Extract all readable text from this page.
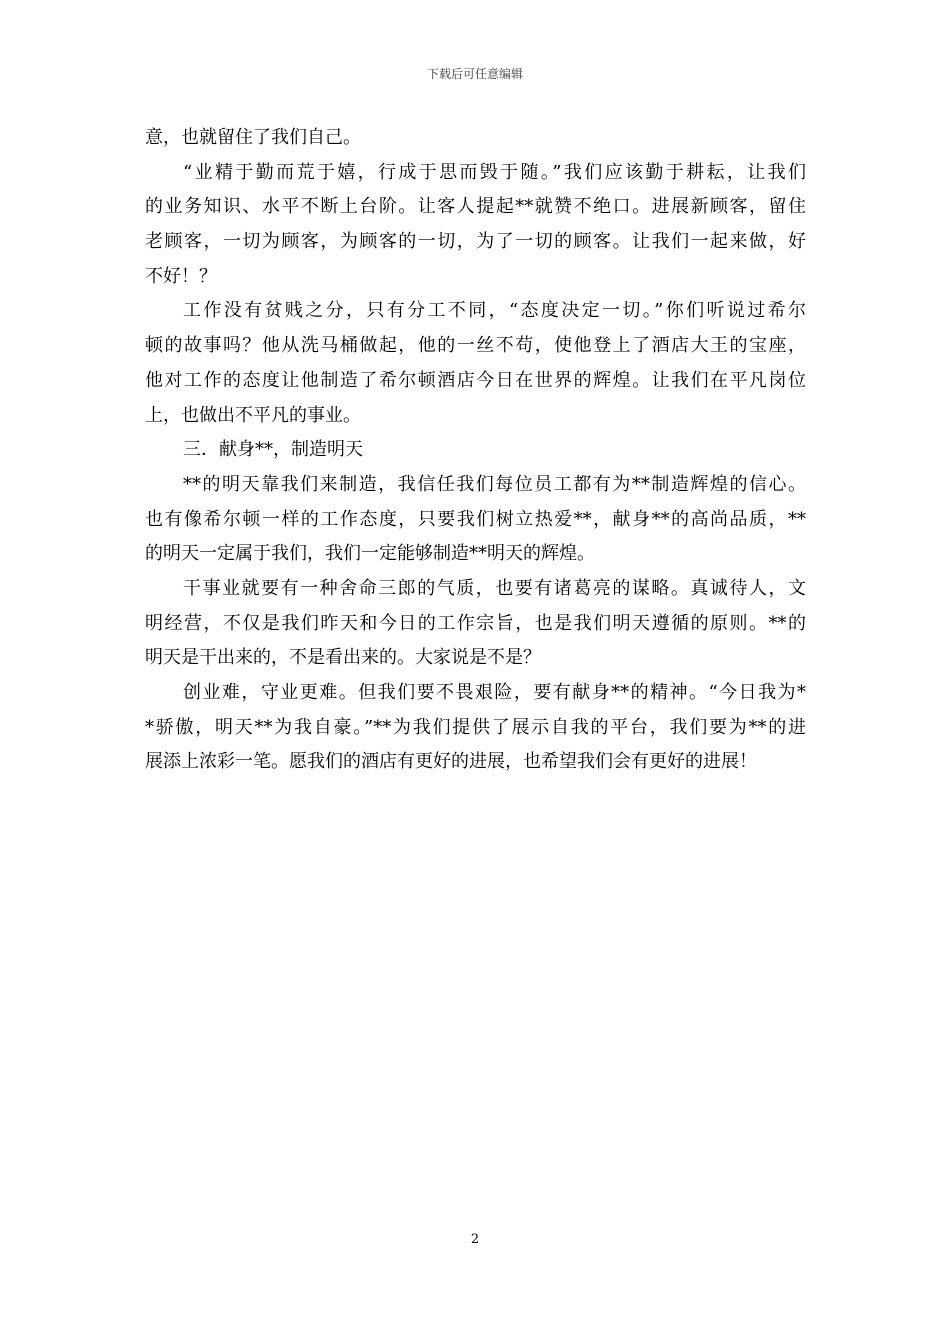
下载后可任意编辑
意，也就留住了我们自己。
“业精于勤而荒于嬉，行成于思而毁于随。”我们应该勤于耕耘，让我们
的业务知识、水平不断上台阶。让客人提起**就赞不绝口。进展新顾客，留住
老顾客，一切为顾客，为顾客的一切，为了一切的顾客。让我们一起来做，好
不好！？
工作没有贫贱之分，只有分工不同，“态度决定一切。”你们听说过希尔
顿的故事吗？他从洗马桶做起，他的一丝不苟，使他登上了酒店大王的宝座，
他对工作的态度让他制造了希尔顿酒店今日在世界的辉煌。让我们在平凡岗位
上，也做出不平凡的事业。
三．献身**，制造明天
**的明天靠我们来制造，我信任我们每位员工都有为**制造辉煌的信心。
也有像希尔顿一样的工作态度，只要我们树立热爱**，献身**的高尚品质，**
的明天一定属于我们，我们一定能够制造**明天的辉煌。
干事业就要有一种舍命三郎的气质，也要有诸葛亮的谋略。真诚待人，文
明经营，不仅是我们昨天和今日的工作宗旨，也是我们明天遵循的原则。**的
明天是干出来的，不是看出来的。大家说是不是？
创业难，守业更难。但我们要不畏艰险，要有献身**的精神。“今日我为*
*骄傲，明天**为我自豪。”**为我们提供了展示自我的平台，我们要为**的进
展添上浓彩一笔。愿我们的酒店有更好的进展，也希望我们会有更好的进展！
2
